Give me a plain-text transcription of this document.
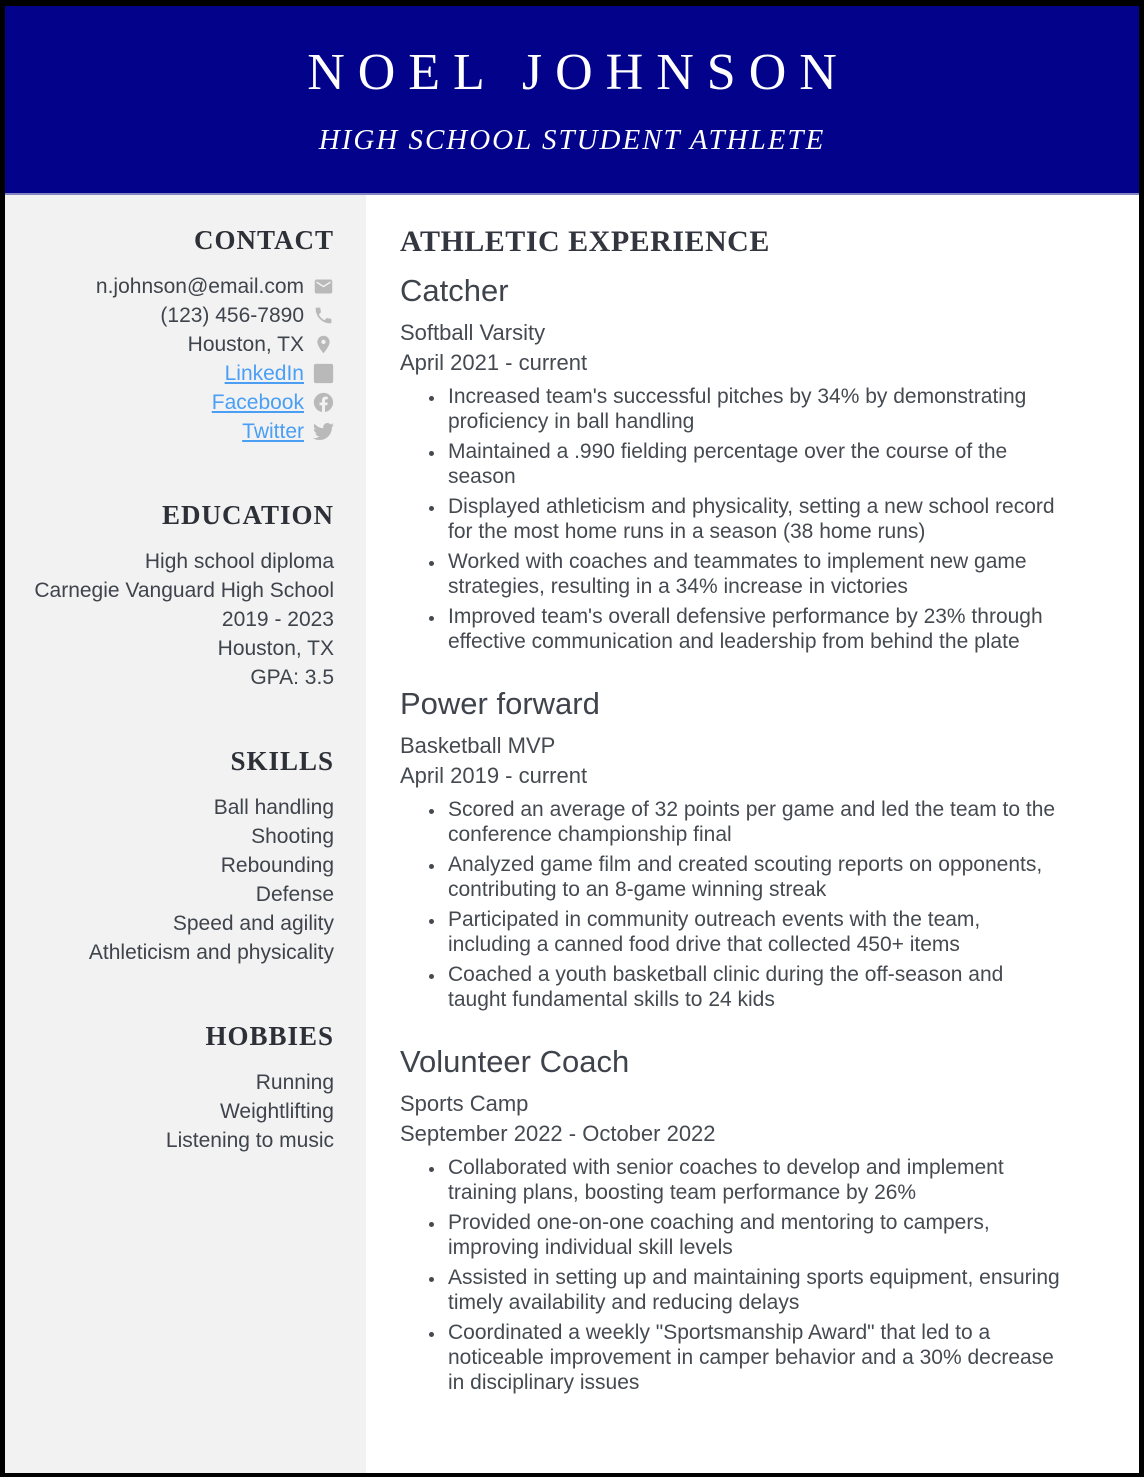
NOEL JOHNSON
HIGH SCHOOL STUDENT ATHLETE
CONTACT
n.johnson@email.com
(123) 456-7890
Houston, TX
LinkedIn
Facebook
Twitter
EDUCATION
High school diploma
Carnegie Vanguard High School
2019 - 2023
Houston, TX
GPA: 3.5
SKILLS
Ball handling
Shooting
Rebounding
Defense
Speed and agility
Athleticism and physicality
HOBBIES
Running
Weightlifting
Listening to music
ATHLETIC EXPERIENCE
Catcher
Softball Varsity
April 2021 - current
• Increased team's successful pitches by 34% by demonstrating proficiency in ball handling
• Maintained a .990 fielding percentage over the course of the season
• Displayed athleticism and physicality, setting a new school record for the most home runs in a season (38 home runs)
• Worked with coaches and teammates to implement new game strategies, resulting in a 34% increase in victories
• Improved team's overall defensive performance by 23% through effective communication and leadership from behind the plate
Power forward
Basketball MVP
April 2019 - current
• Scored an average of 32 points per game and led the team to the conference championship final
• Analyzed game film and created scouting reports on opponents, contributing to an 8-game winning streak
• Participated in community outreach events with the team, including a canned food drive that collected 450+ items
• Coached a youth basketball clinic during the off-season and taught fundamental skills to 24 kids
Volunteer Coach
Sports Camp
September 2022 - October 2022
• Collaborated with senior coaches to develop and implement training plans, boosting team performance by 26%
• Provided one-on-one coaching and mentoring to campers, improving individual skill levels
• Assisted in setting up and maintaining sports equipment, ensuring timely availability and reducing delays
• Coordinated a weekly "Sportsmanship Award" that led to a noticeable improvement in camper behavior and a 30% decrease in disciplinary issues
